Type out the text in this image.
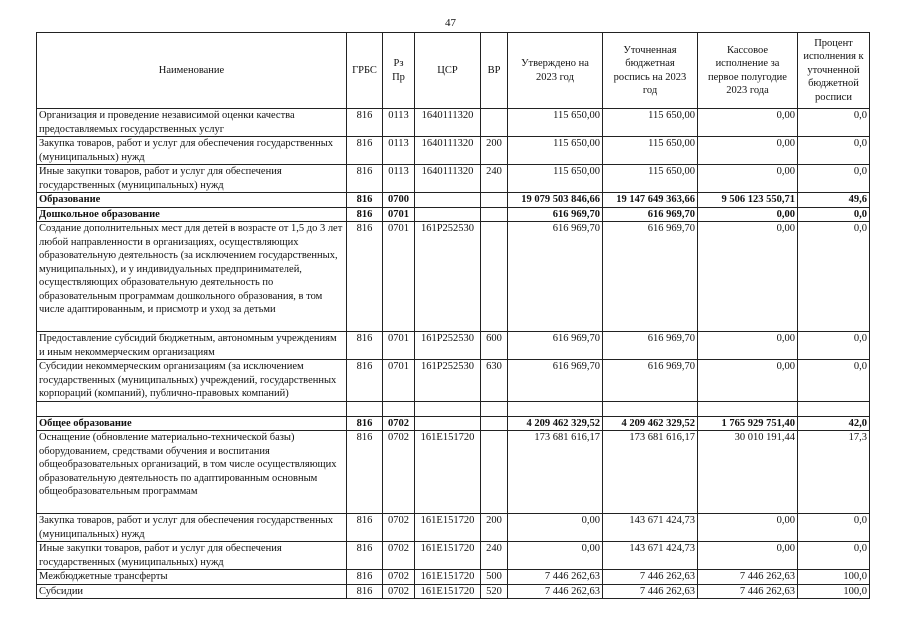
47
Наименование	ГРБС	Рз Пр	ЦСР	ВР	Утверждено на 2023 год	Уточненная бюджетная роспись на 2023 год	Кассовое исполнение за первое полугодие 2023 года	Процент исполнения к уточненной бюджетной росписи
Организация и проведение независимой оценки качества предоставляемых государственных услуг	816	0113	1640111320		115 650,00	115 650,00	0,00	0,0
Закупка товаров, работ и услуг для обеспечения государственных (муниципальных) нужд	816	0113	1640111320	200	115 650,00	115 650,00	0,00	0,0
Иные закупки товаров, работ и услуг для обеспечения государственных (муниципальных) нужд	816	0113	1640111320	240	115 650,00	115 650,00	0,00	0,0
Образование	816	0700			19 079 503 846,66	19 147 649 363,66	9 506 123 550,71	49,6
Дошкольное образование	816	0701			616 969,70	616 969,70	0,00	0,0
Создание дополнительных мест для детей в возрасте от 1,5 до 3 лет любой направленности в организациях, осуществляющих образовательную деятельность (за исключением государственных, муниципальных), и у индивидуальных предпринимателей, осуществляющих образовательную деятельность по образовательным программам дошкольного образования, в том числе адаптированным, и присмотр и уход за детьми	816	0701	161P252530		616 969,70	616 969,70	0,00	0,0
Предоставление субсидий бюджетным, автономным учреждениям и иным некоммерческим организациям	816	0701	161P252530	600	616 969,70	616 969,70	0,00	0,0
Субсидии некоммерческим организациям (за исключением государственных (муниципальных) учреждений, государственных корпораций (компаний), публично-правовых компаний)	816	0701	161P252530	630	616 969,70	616 969,70	0,00	0,0

Общее образование	816	0702			4 209 462 329,52	4 209 462 329,52	1 765 929 751,40	42,0
Оснащение (обновление материально-технической базы) оборудованием, средствами обучения и воспитания общеобразовательных организаций, в том числе осуществляющих образовательную деятельность по адаптированным основным общеобразовательным программам	816	0702	161E151720		173 681 616,17	173 681 616,17	30 010 191,44	17,3
Закупка товаров, работ и услуг для обеспечения государственных (муниципальных) нужд	816	0702	161E151720	200	0,00	143 671 424,73	0,00	0,0
Иные закупки товаров, работ и услуг для обеспечения государственных (муниципальных) нужд	816	0702	161E151720	240	0,00	143 671 424,73	0,00	0,0
Межбюджетные трансферты	816	0702	161E151720	500	7 446 262,63	7 446 262,63	7 446 262,63	100,0
Субсидии	816	0702	161E151720	520	7 446 262,63	7 446 262,63	7 446 262,63	100,0
